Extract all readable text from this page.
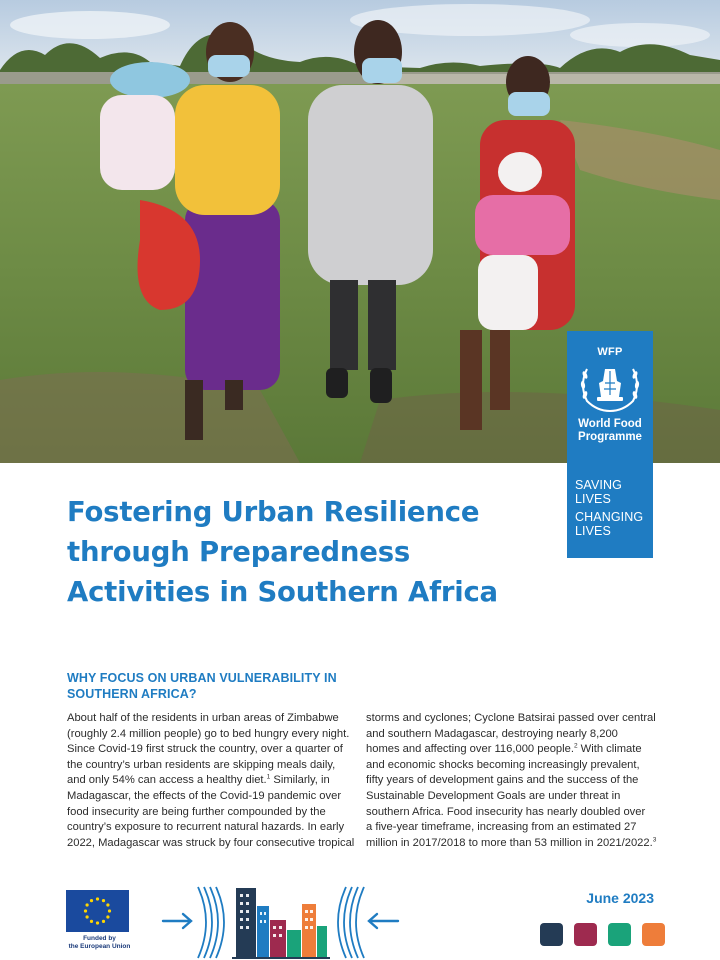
WFP
World Food
Programme
SAVING
LIVES
CHANGING
LIVES
Fostering Urban Resilience
through Preparedness
Activities in Southern Africa
WHY FOCUS ON URBAN VULNERABILITY IN SOUTHERN AFRICA?
About half of the residents in urban areas of Zimbabwe
(roughly 2.4 million people) go to bed hungry every night.
Since Covid-19 first struck the country, over a quarter of
the country’s urban residents are skipping meals daily,
and only 54% can access a healthy diet.$^1$ Similarly, in
Madagascar, the effects of the Covid-19 pandemic over
food insecurity are being further compounded by the
country’s exposure to recurrent natural hazards. In early
2022, Madagascar was struck by four consecutive tropical
storms and cyclones; Cyclone Batsirai passed over central
and southern Madagascar, destroying nearly 8,200
homes and affecting over 116,000 people.$^2$ With climate
and economic shocks becoming increasingly prevalent,
fifty years of development gains and the success of the
Sustainable Development Goals are under threat in
southern Africa. Food insecurity has nearly doubled over
a five-year timeframe, increasing from an estimated 27
million in 2017/2018 to more than 53 million in 2021/2022.$^3$
Funded by
the European Union
June 2023
